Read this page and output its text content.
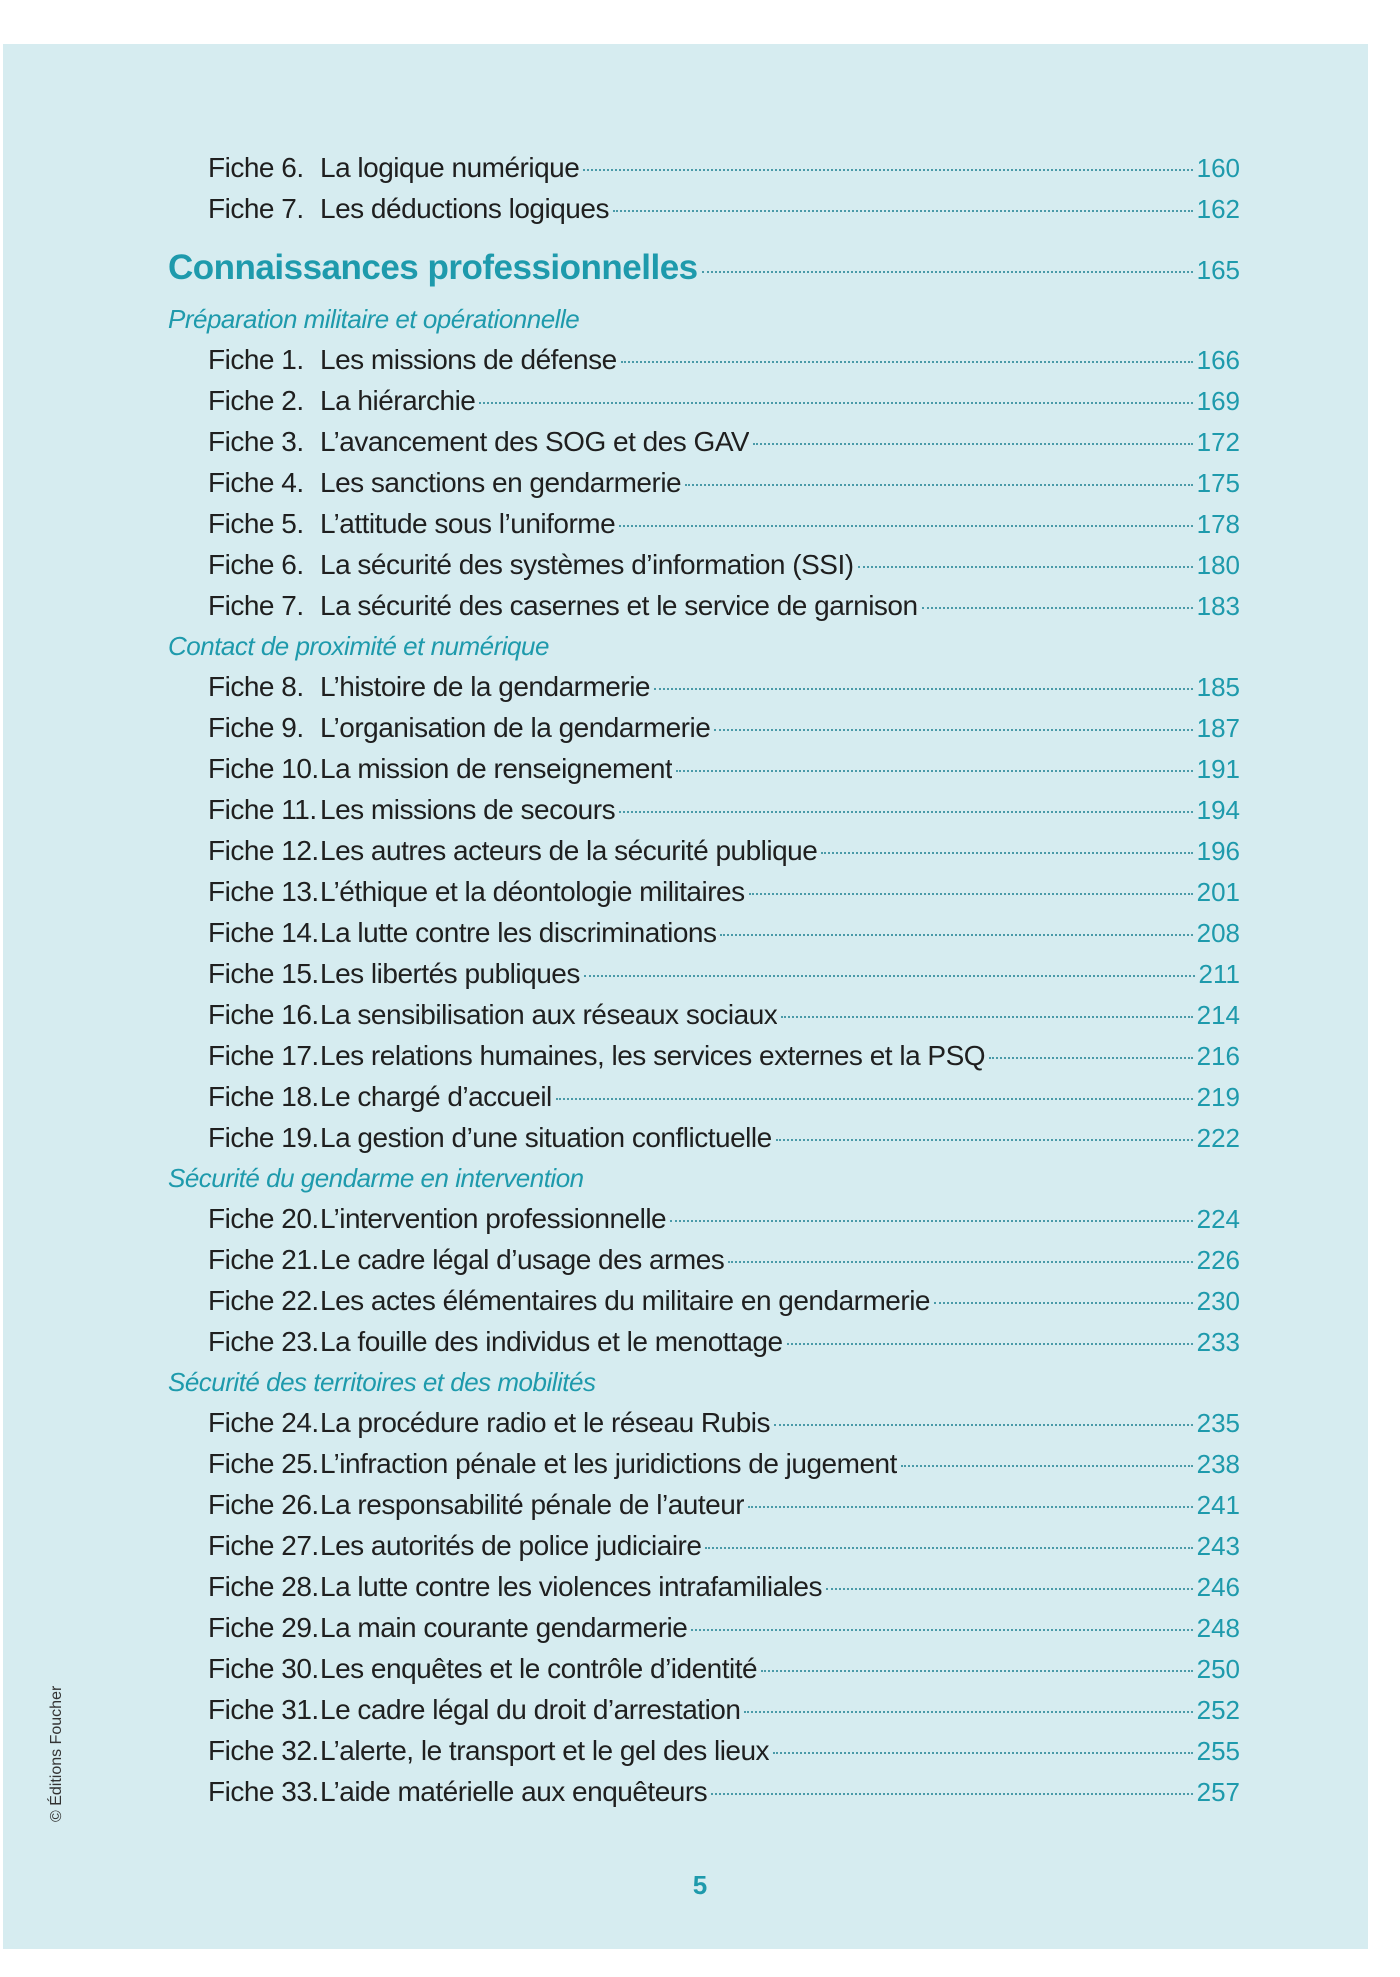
Fiche 6. La logique numérique	160
Fiche 7. Les déductions logiques	162
Connaissances professionnelles	165
Préparation militaire et opérationnelle
Fiche 1. Les missions de défense	166
Fiche 2. La hiérarchie	169
Fiche 3. L’avancement des SOG et des GAV	172
Fiche 4. Les sanctions en gendarmerie	175
Fiche 5. L’attitude sous l’uniforme	178
Fiche 6. La sécurité des systèmes d’information (SSI)	180
Fiche 7. La sécurité des casernes et le service de garnison	183
Contact de proximité et numérique
Fiche 8. L’histoire de la gendarmerie	185
Fiche 9. L’organisation de la gendarmerie	187
Fiche 10. La mission de renseignement	191
Fiche 11. Les missions de secours	194
Fiche 12. Les autres acteurs de la sécurité publique	196
Fiche 13. L’éthique et la déontologie militaires	201
Fiche 14. La lutte contre les discriminations	208
Fiche 15. Les libertés publiques	211
Fiche 16. La sensibilisation aux réseaux sociaux	214
Fiche 17. Les relations humaines, les services externes et la PSQ	216
Fiche 18. Le chargé d’accueil	219
Fiche 19. La gestion d’une situation conflictuelle	222
Sécurité du gendarme en intervention
Fiche 20. L’intervention professionnelle	224
Fiche 21. Le cadre légal d’usage des armes	226
Fiche 22. Les actes élémentaires du militaire en gendarmerie	230
Fiche 23. La fouille des individus et le menottage	233
Sécurité des territoires et des mobilités
Fiche 24. La procédure radio et le réseau Rubis	235
Fiche 25. L’infraction pénale et les juridictions de jugement	238
Fiche 26. La responsabilité pénale de l’auteur	241
Fiche 27. Les autorités de police judiciaire	243
Fiche 28. La lutte contre les violences intrafamiliales	246
Fiche 29. La main courante gendarmerie	248
Fiche 30. Les enquêtes et le contrôle d’identité	250
Fiche 31. Le cadre légal du droit d’arrestation	252
Fiche 32. L’alerte, le transport et le gel des lieux	255
Fiche 33. L’aide matérielle aux enquêteurs	257
© Éditions Foucher
5
